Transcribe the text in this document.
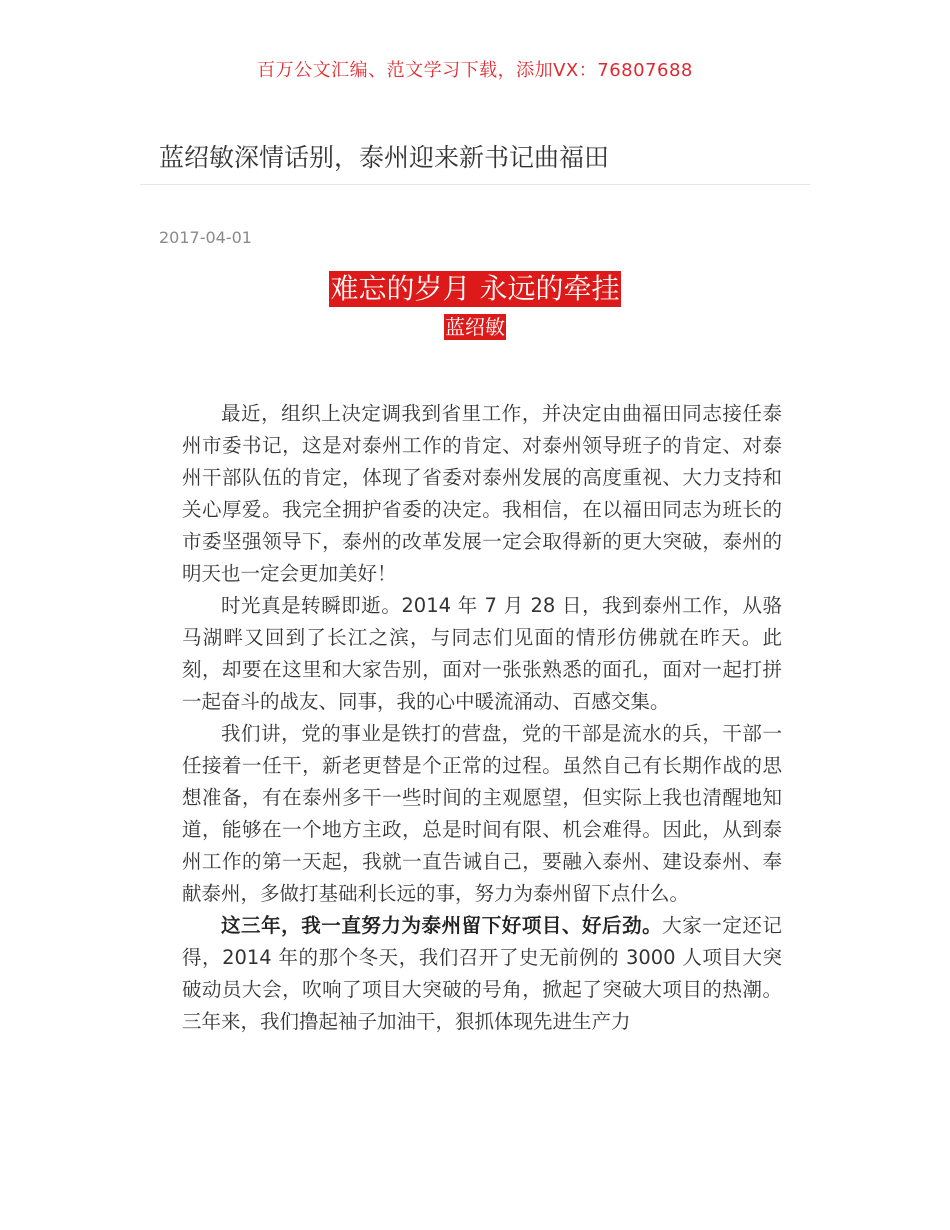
百万公文汇编、范文学习下载，添加VX：76807688
蓝绍敏深情话别，泰州迎来新书记曲福田
2017-04-01
难忘的岁月 永远的牵挂
蓝绍敏

最近，组织上决定调我到省里工作，并决定由曲福田同志接任泰州市委书记，这是对泰州工作的肯定、对泰州领导班子的肯定、对泰州干部队伍的肯定，体现了省委对泰州发展的高度重视、大力支持和关心厚爱。我完全拥护省委的决定。我相信，在以福田同志为班长的市委坚强领导下，泰州的改革发展一定会取得新的更大突破，泰州的明天也一定会更加美好！

时光真是转瞬即逝。2014 年 7 月 28 日，我到泰州工作，从骆马湖畔又回到了长江之滨，与同志们见面的情形仿佛就在昨天。此刻，却要在这里和大家告别，面对一张张熟悉的面孔，面对一起打拼一起奋斗的战友、同事，我的心中暖流涌动、百感交集。

我们讲，党的事业是铁打的营盘，党的干部是流水的兵，干部一任接着一任干，新老更替是个正常的过程。虽然自己有长期作战的思想准备，有在泰州多干一些时间的主观愿望，但实际上我也清醒地知道，能够在一个地方主政，总是时间有限、机会难得。因此，从到泰州工作的第一天起，我就一直告诫自己，要融入泰州、建设泰州、奉献泰州，多做打基础利长远的事，努力为泰州留下点什么。

这三年，我一直努力为泰州留下好项目、好后劲。大家一定还记得，2014 年的那个冬天，我们召开了史无前例的 3000 人项目大突破动员大会，吹响了项目大突破的号角，掀起了突破大项目的热潮。三年来，我们撸起袖子加油干，狠抓体现先进生产力
